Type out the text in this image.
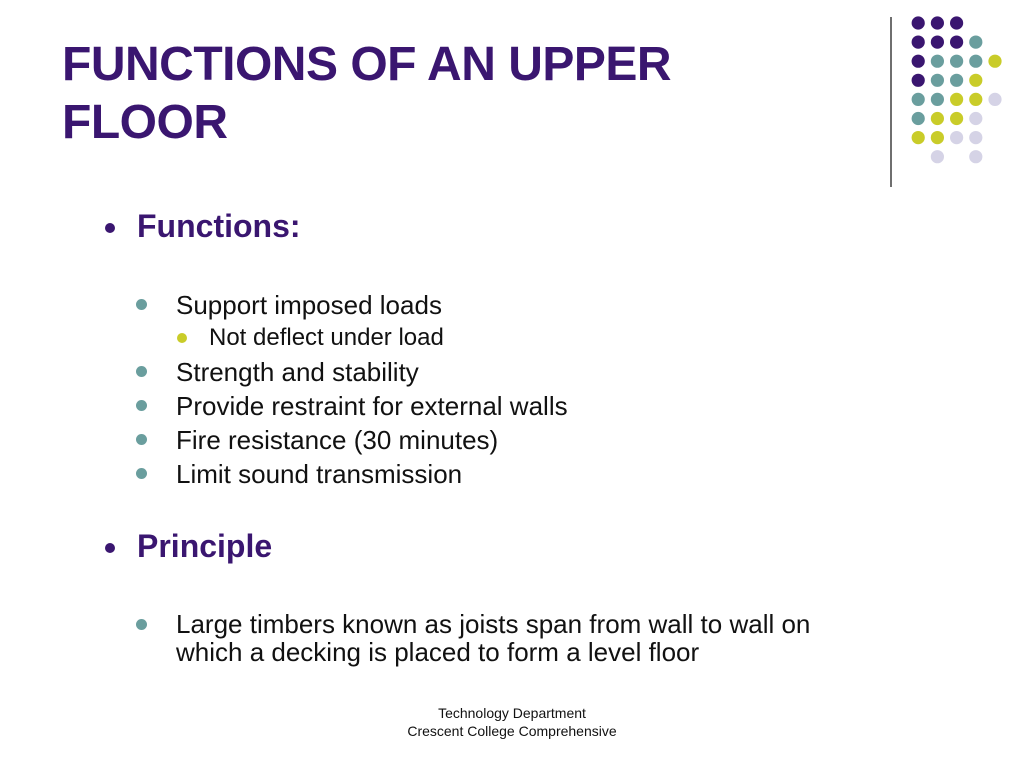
FUNCTIONS OF AN UPPER
FLOOR
Functions:
Support imposed loads
Not deflect under load
Strength and stability
Provide restraint for external walls
Fire resistance (30 minutes)
Limit sound transmission
Principle
Large timbers known as joists span from wall to wall on
which a decking is placed to form a level floor
Technology Department
Crescent College Comprehensive
